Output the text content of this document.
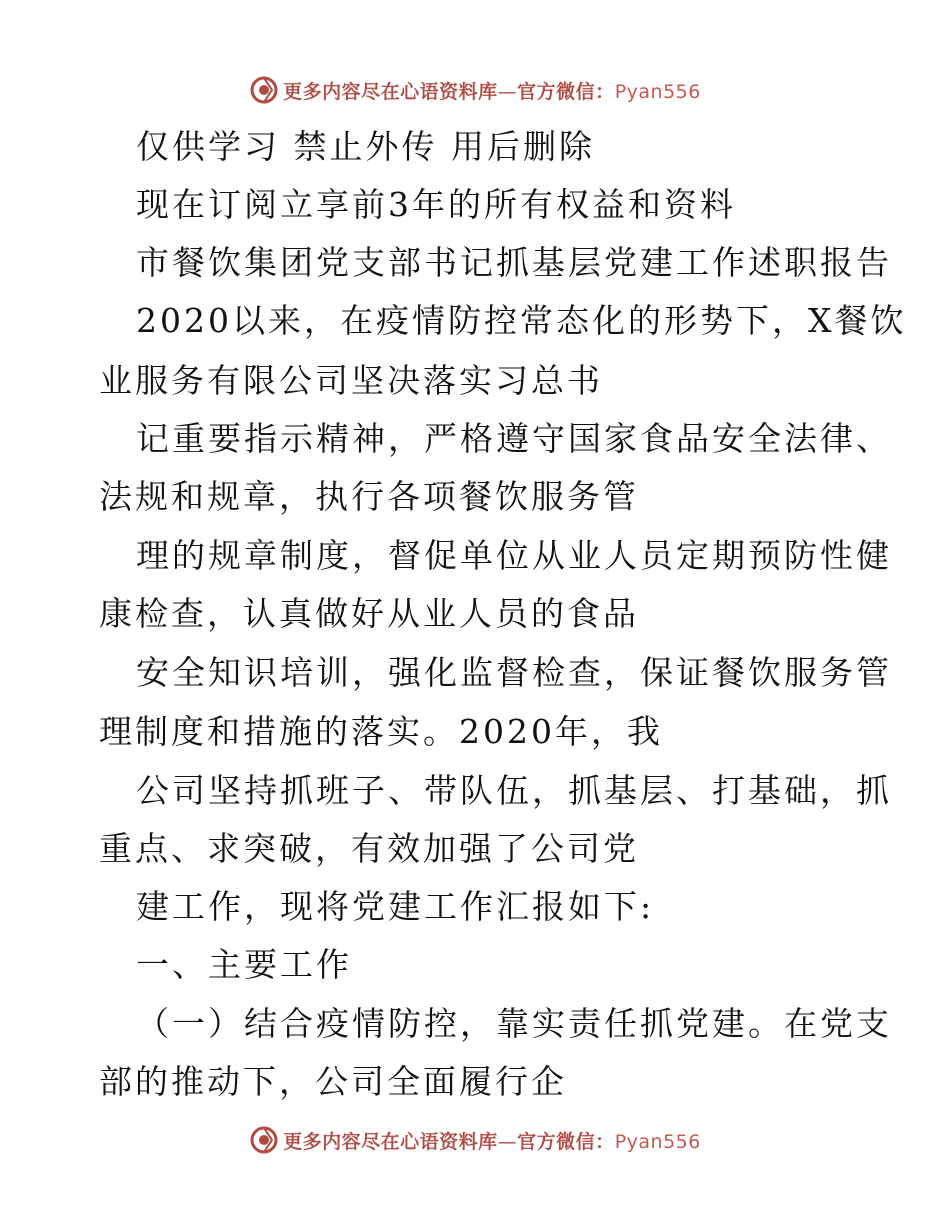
更多内容尽在心语资料库—官方微信：Pyan556
仅供学习 禁止外传 用后删除
现在订阅立享前3年的所有权益和资料
市餐饮集团党支部书记抓基层党建工作述职报告
2020以来，在疫情防控常态化的形势下，X餐饮
业服务有限公司坚决落实习总书
记重要指示精神，严格遵守国家食品安全法律、
法规和规章，执行各项餐饮服务管
理的规章制度，督促单位从业人员定期预防性健
康检查，认真做好从业人员的食品
安全知识培训，强化监督检查，保证餐饮服务管
理制度和措施的落实。2020年，我
公司坚持抓班子、带队伍，抓基层、打基础，抓
重点、求突破，有效加强了公司党
建工作，现将党建工作汇报如下:
一、主要工作
（一）结合疫情防控，靠实责任抓党建。在党支
部的推动下，公司全面履行企
更多内容尽在心语资料库—官方微信：Pyan556
